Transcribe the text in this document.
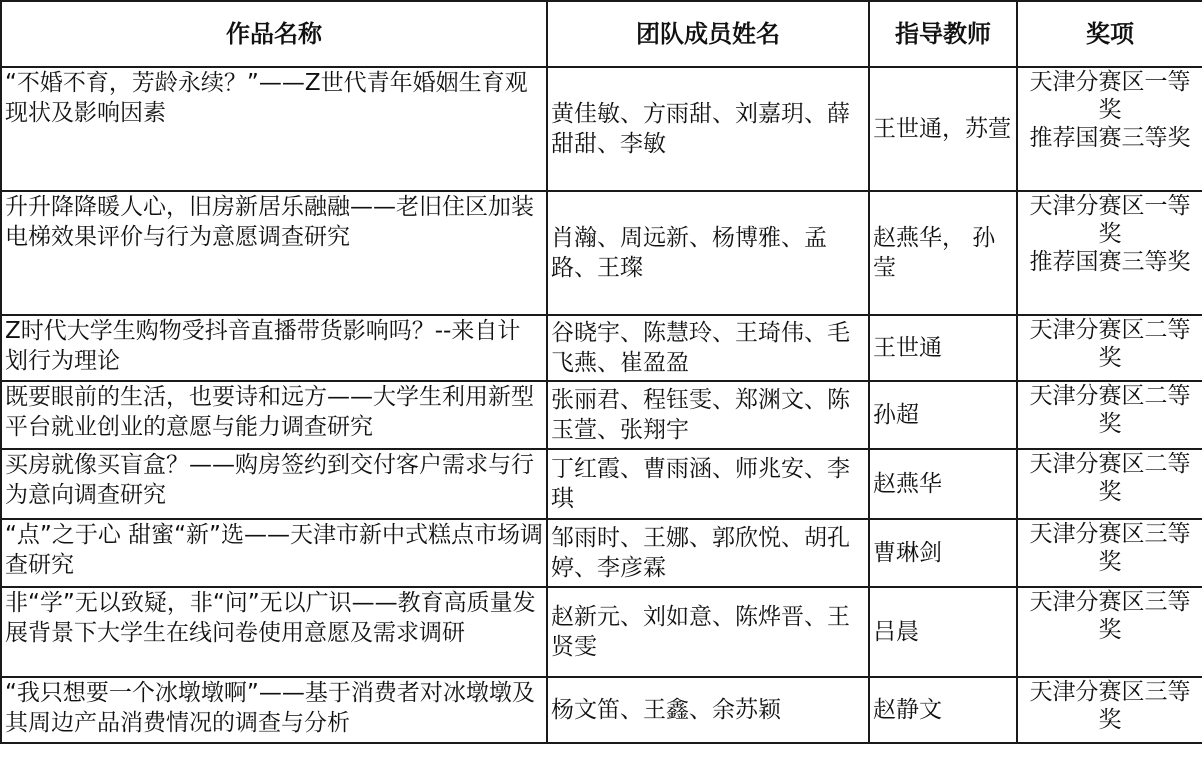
作品名称	团队成员姓名	指导教师	奖项
“不婚不育，芳龄永续？”——Z世代青年婚姻生育观现状及影响因素	黄佳敏、方雨甜、刘嘉玥、薛甜甜、李敏	王世通，苏萱	天津分赛区一等奖
推荐国赛三等奖

升升降降暖人心，旧房新居乐融融——老旧住区加装电梯效果评价与行为意愿调查研究	肖瀚、周远新、杨博雅、孟路、王璨	赵燕华， 孙莹	天津分赛区一等奖
推荐国赛三等奖

Z时代大学生购物受抖音直播带货影响吗？--来自计划行为理论	谷晓宇、陈慧玲、王琦伟、毛飞燕、崔盈盈	王世通	天津分赛区二等奖

既要眼前的生活，也要诗和远方——大学生利用新型平台就业创业的意愿与能力调查研究	张丽君、程钰雯、郑渊文、陈玉萱、张翔宇	孙超	天津分赛区二等奖

买房就像买盲盒？——购房签约到交付客户需求与行为意向调查研究	丁红霞、曹雨涵、师兆安、李琪	赵燕华	天津分赛区二等奖

“点”之于心 甜蜜“新”选——天津市新中式糕点市场调查研究	邹雨时、王娜、郭欣悦、胡孔婷、李彦霖	曹琳剑	天津分赛区三等奖

非“学”无以致疑，非“问”无以广识——教育高质量发展背景下大学生在线问卷使用意愿及需求调研	赵新元、刘如意、陈烨晋、王贤雯	吕晨	天津分赛区三等奖

“我只想要一个冰墩墩啊”——基于消费者对冰墩墩及其周边产品消费情况的调查与分析	杨文笛、王鑫、余苏颖	赵静文	天津分赛区三等奖
